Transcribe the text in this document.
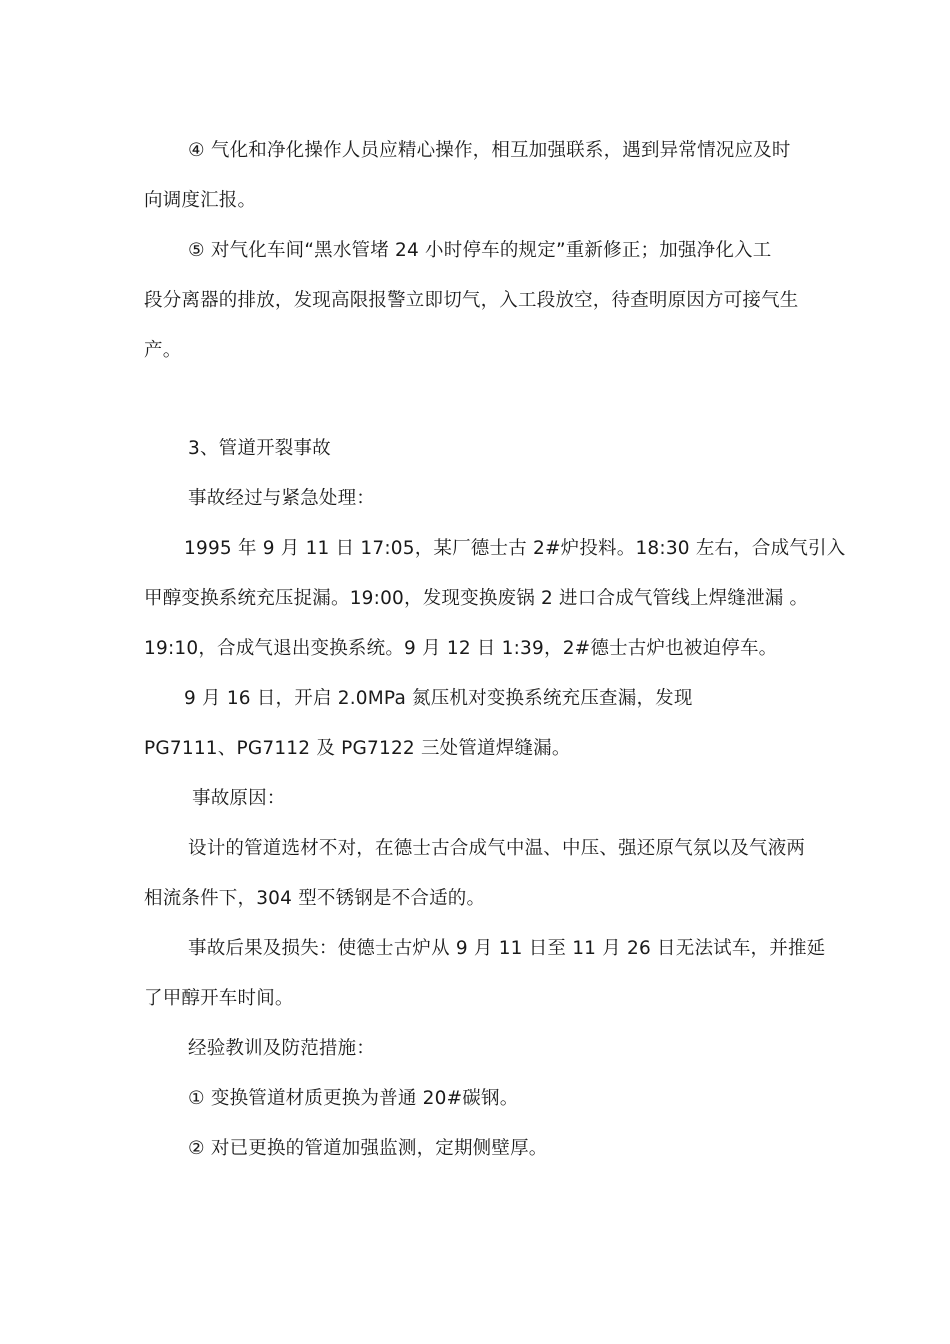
④ 气化和净化操作人员应精心操作，相互加强联系，遇到异常情况应及时
向调度汇报。
⑤ 对气化车间“黑水管堵 24 小时停车的规定”重新修正；加强净化入工
段分离器的排放，发现高限报警立即切气，入工段放空，待查明原因方可接气生
产。
3、管道开裂事故
事故经过与紧急处理：
1995 年 9 月 11 日 17:05，某厂德士古 2#炉投料。18:30 左右，合成气引入
甲醇变换系统充压捉漏。19:00，发现变换废锅 2 进口合成气管线上焊缝泄漏 。
19:10，合成气退出变换系统。9 月 12 日 1:39，2#德士古炉也被迫停车。
9 月 16 日，开启 2.0MPa 氮压机对变换系统充压查漏，发现
PG7111、PG7112 及 PG7122 三处管道焊缝漏。
事故原因：
设计的管道选材不对，在德士古合成气中温、中压、强还原气氛以及气液两
相流条件下，304 型不锈钢是不合适的。
事故后果及损失：使德士古炉从 9 月 11 日至 11 月 26 日无法试车，并推延
了甲醇开车时间。
经验教训及防范措施：
① 变换管道材质更换为普通 20#碳钢。
② 对已更换的管道加强监测，定期侧壁厚。
